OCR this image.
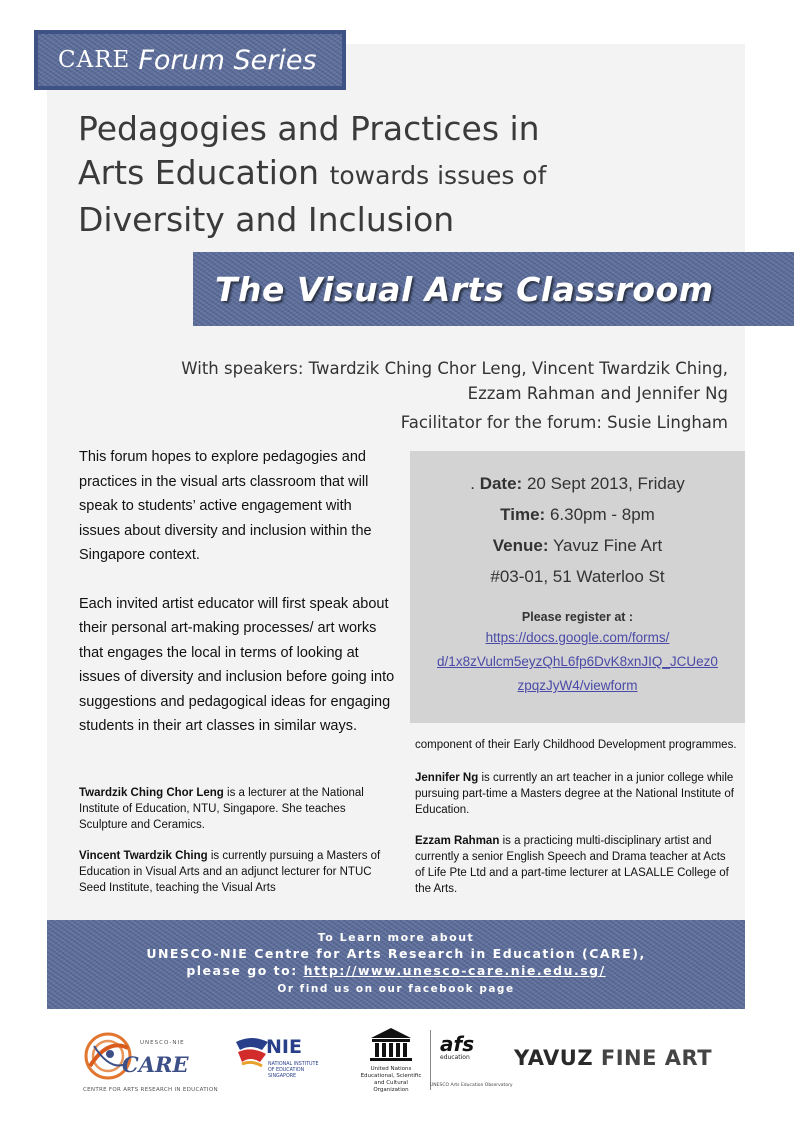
CARE Forum Series
Pedagogies and Practices in
Arts Education towards issues of
Diversity and Inclusion
The Visual Arts Classroom
With speakers: Twardzik Ching Chor Leng, Vincent Twardzik Ching,
Ezzam Rahman and Jennifer Ng
Facilitator for the forum: Susie Lingham

This forum hopes to explore pedagogies and practices in the visual arts classroom that will speak to students’ active engagement with issues about diversity and inclusion within the Singapore context.

Each invited artist educator will first speak about their personal art-making processes/ art works that engages the local in terms of looking at issues of diversity and inclusion before going into suggestions and pedagogical ideas for engaging students in their art classes in similar ways.

. Date: 20 Sept 2013, Friday
Time: 6.30pm - 8pm
Venue: Yavuz Fine Art
#03-01, 51 Waterloo St
Please register at :
https://docs.google.com/forms/
d/1x8zVulcm5eyzQhL6fp6DvK8xnJIQ_JCUez0
zpqzJyW4/viewform

Twardzik Ching Chor Leng is a lecturer at the National Institute of Education, NTU, Singapore. She teaches Sculpture and Ceramics.

Vincent Twardzik Ching is currently pursuing a Masters of Education in Visual Arts and an adjunct lecturer for NTUC Seed Institute, teaching the Visual Arts

component of their Early Childhood Development programmes.

Jennifer Ng is currently an art teacher in a junior college while pursuing part-time a Masters degree at the National Institute of Education.

Ezzam Rahman is a practicing multi-disciplinary artist and currently a senior English Speech and Drama teacher at Acts of Life Pte Ltd and a part-time lecturer at LASALLE College of the Arts.

To Learn more about
UNESCO-NIE Centre for Arts Research in Education (CARE),
please go to: http://www.unesco-care.nie.edu.sg/
Or find us on our facebook page
UNESCO-NIE
CARE
CENTRE FOR ARTS RESEARCH IN EDUCATION
NIE
NATIONAL INSTITUTE OF EDUCATION SINGAPORE
United Nations Educational, Scientific and Cultural Organization
afs
education
UNESCO Arts Education Observatory
YAVUZ FINE ART
